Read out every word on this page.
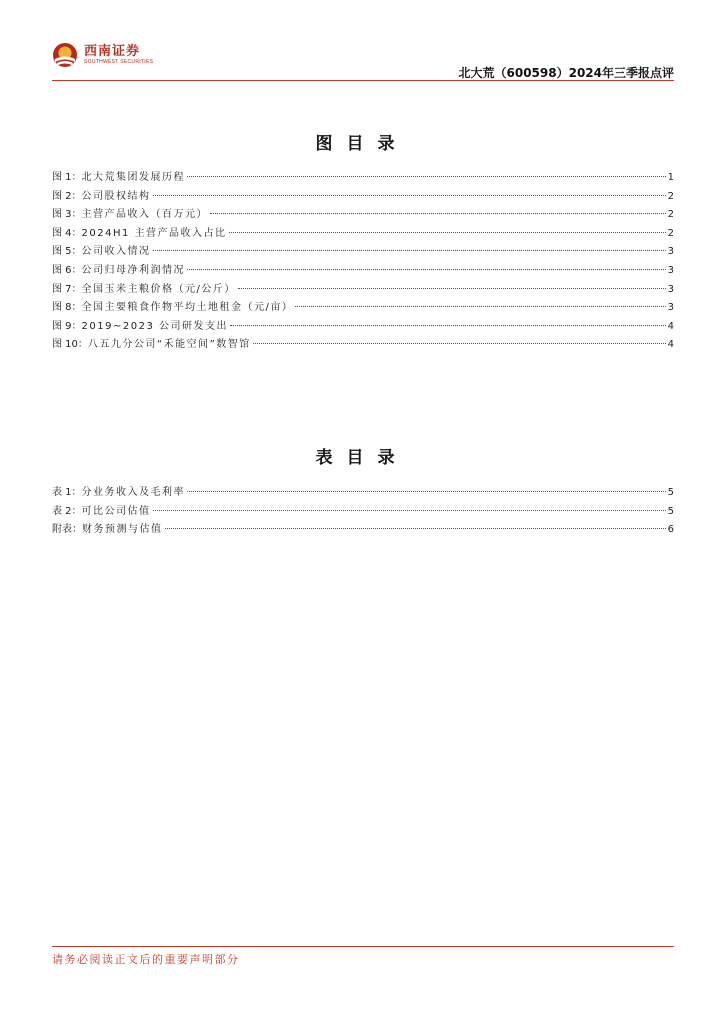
西南证券
SOUTHWEST SECURITIES
北大荒（600598）2024年三季报点评
图目录
图 1： 北大荒集团发展历程	1
图 2： 公司股权结构	2
图 3： 主营产品收入（百万元）	2
图 4： 2024H1 主营产品收入占比	2
图 5： 公司收入情况	3
图 6： 公司归母净利润情况	3
图 7： 全国玉米主粮价格（元/公斤）	3
图 8： 全国主要粮食作物平均土地租金（元/亩）	3
图 9： 2019~2023 公司研发支出	4
图 10： 八五九分公司“禾能空间”数智馆	4
表目录
表 1： 分业务收入及毛利率	5
表 2： 可比公司估值	5
附表： 财务预测与估值	6
请务必阅读正文后的重要声明部分
